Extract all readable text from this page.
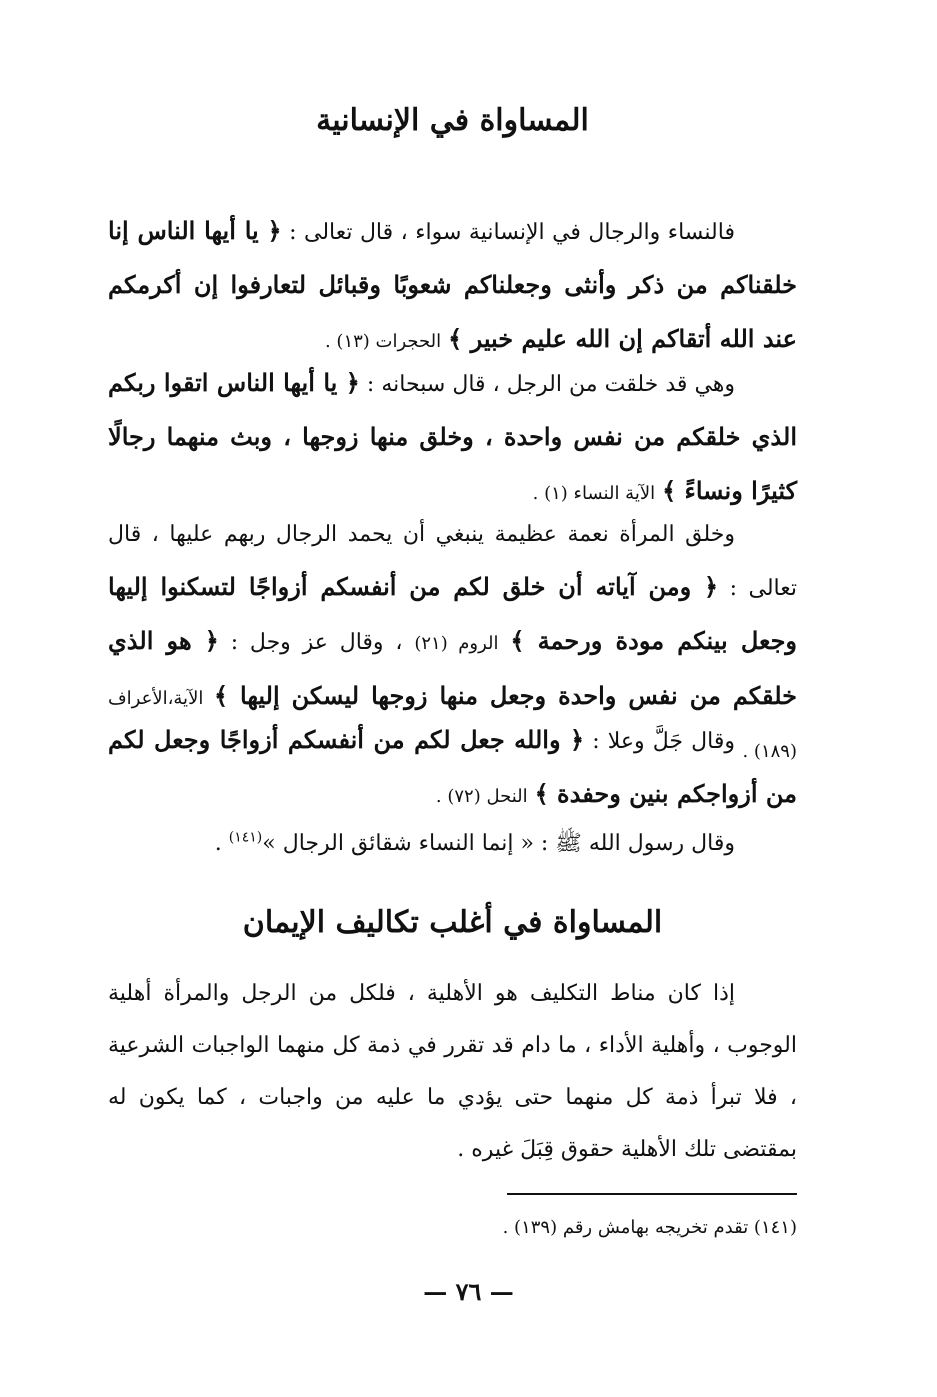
المساواة في الإنسانية

فالنساء والرجال في الإنسانية سواء ، قال تعالى : ﴿ يا أيها الناس إنا خلقناكم من ذكر وأنثى وجعلناكم شعوبًا وقبائل لتعارفوا إن أكرمكم عند الله أتقاكم إن الله عليم خبير ﴾ الحجرات (١٣) .

وهي قد خلقت من الرجل ، قال سبحانه : ﴿ يا أيها الناس اتقوا ربكم الذي خلقكم من نفس واحدة ، وخلق منها زوجها ، وبث منهما رجالًا كثيرًا ونساءً ﴾ الآية النساء (١) .

وخلق المرأة نعمة عظيمة ينبغي أن يحمد الرجال ربهم عليها ، قال تعالى : ﴿ ومن آياته أن خلق لكم من أنفسكم أزواجًا لتسكنوا إليها وجعل بينكم مودة ورحمة ﴾ الروم (٢١) ، وقال عز وجل : ﴿ هو الذي خلقكم من نفس واحدة وجعل منها زوجها ليسكن إليها ﴾ الآية،الأعراف (١٨٩) .

وقال جَلَّ وعلا : ﴿ والله جعل لكم من أنفسكم أزواجًا وجعل لكم من أزواجكم بنين وحفدة ﴾ النحل (٧٢) .

وقال رسول الله ﷺ : « إنما النساء شقائق الرجال »$^{(١٤١)}$ .

المساواة في أغلب تكاليف الإيمان

إذا كان مناط التكليف هو الأهلية ، فلكل من الرجل والمرأة أهلية الوجوب ، وأهلية الأداء ، ما دام قد تقرر في ذمة كل منهما الواجبات الشرعية ، فلا تبرأ ذمة كل منهما حتى يؤدي ما عليه من واجبات ، كما يكون له بمقتضى تلك الأهلية حقوق قِبَلَ غيره .

(١٤١) تقدم تخريجه بهامش رقم (١٣٩) .
— ٧٦ —
